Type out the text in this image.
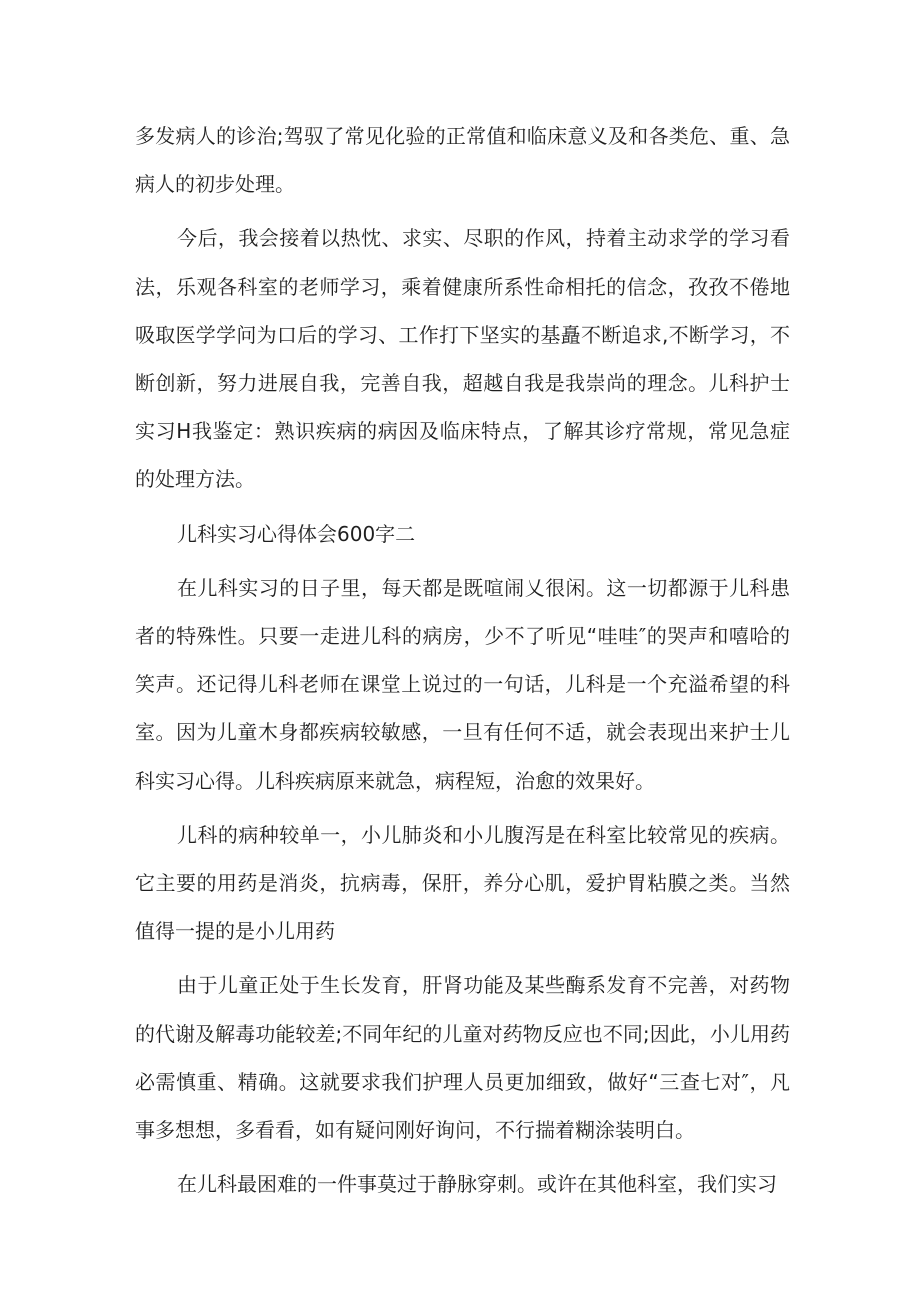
多发病人的诊治;驾驭了常见化验的正常值和临床意义及和各类危、重、急病人的初步处理。

今后，我会接着以热忱、求实、尽职的作风，持着主动求学的学习看法，乐观各科室的老师学习，乘着健康所系性命相托的信念，孜孜不倦地吸取医学学问为口后的学习、工作打下坚实的基矗不断追求,不断学习，不断创新，努力进展自我，完善自我，超越自我是我崇尚的理念。儿科护士实习H我鉴定：熟识疾病的病因及临床特点，了解其诊疗常规，常见急症的处理方法。

儿科实习心得体会600字二

在儿科实习的日子里，每天都是既喧闹乂很闲。这一切都源于儿科患者的特殊性。只要一走进儿科的病房，少不了听见“哇哇″的哭声和嘻哈的笑声。还记得儿科老师在课堂上说过的一句话，儿科是一个充溢希望的科室。因为儿童木身都疾病较敏感，一旦有任何不适，就会表现出来护士儿科实习心得。儿科疾病原来就急，病程短，治愈的效果好。

儿科的病种较单一，小儿肺炎和小儿腹泻是在科室比较常见的疾病。它主要的用药是消炎，抗病毒，保肝，养分心肌，爱护胃粘膜之类。当然值得一提的是小儿用药

由于儿童正处于生长发育，肝肾功能及某些酶系发育不完善，对药物的代谢及解毒功能较差;不同年纪的儿童对药物反应也不同;因此，小儿用药必需慎重、精确。这就要求我们护理人员更加细致，做好“三查七对″，凡事多想想，多看看，如有疑问刚好询问，不行揣着糊涂装明白。

在儿科最困难的一件事莫过于静脉穿刺。或许在其他科室，我们实习
